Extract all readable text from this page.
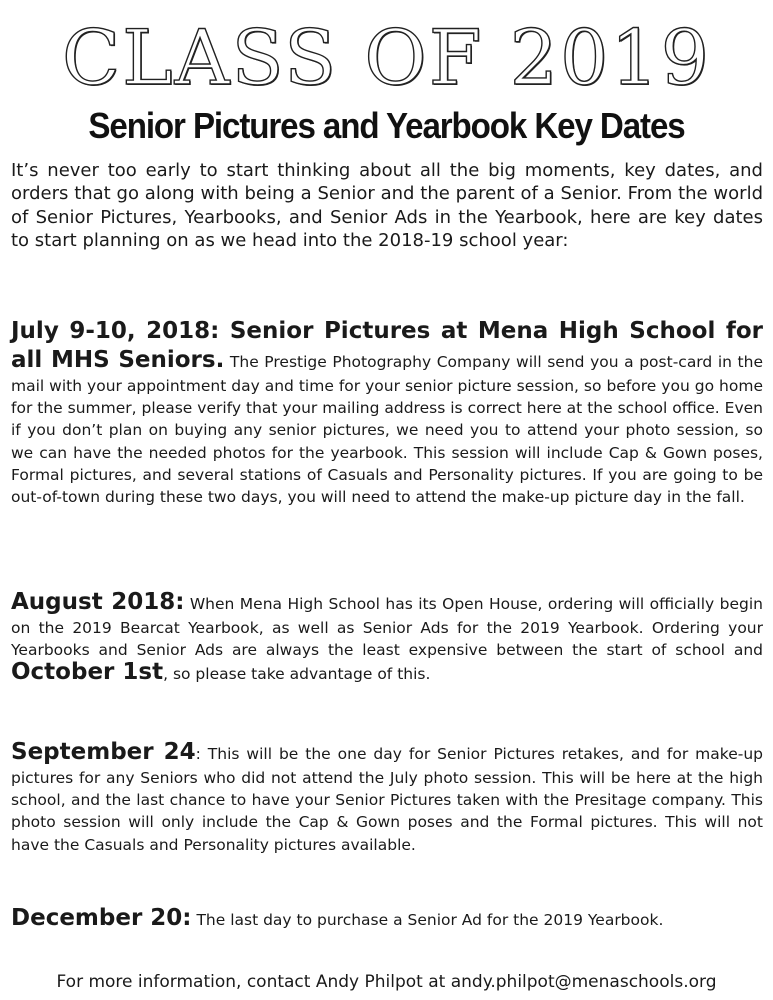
CLASS OF 2019
Senior Pictures and Yearbook Key Dates

It’s never too early to start thinking about all the big moments, key dates, and orders that go along with being a Senior and the parent of a Senior. From the world of Senior Pictures, Yearbooks, and Senior Ads in the Yearbook, here are key dates to start planning on as we head into the 2018-19 school year:

July 9-10, 2018: Senior Pictures at Mena High School for all MHS Seniors. The Prestige Photography Company will send you a post-card in the mail with your appointment day and time for your senior picture session, so before you go home for the summer, please verify that your mailing address is correct here at the school office. Even if you don’t plan on buying any senior pictures, we need you to attend your photo session, so we can have the needed photos for the yearbook. This session will include Cap & Gown poses, Formal pictures, and several stations of Casuals and Personality pictures. If you are going to be out-of-town during these two days, you will need to attend the make-up picture day in the fall.

August 2018: When Mena High School has its Open House, ordering will officially begin on the 2019 Bearcat Yearbook, as well as Senior Ads for the 2019 Yearbook. Ordering your Yearbooks and Senior Ads are always the least expensive between the start of school and October 1st, so please take advantage of this.

September 24: This will be the one day for Senior Pictures retakes, and for make-up pictures for any Seniors who did not attend the July photo session. This will be here at the high school, and the last chance to have your Senior Pictures taken with the Presitage company. This photo session will only include the Cap & Gown poses and the Formal pictures. This will not have the Casuals and Personality pictures available.

December 20: The last day to purchase a Senior Ad for the 2019 Yearbook.

For more information, contact Andy Philpot at andy.philpot@menaschools.org
